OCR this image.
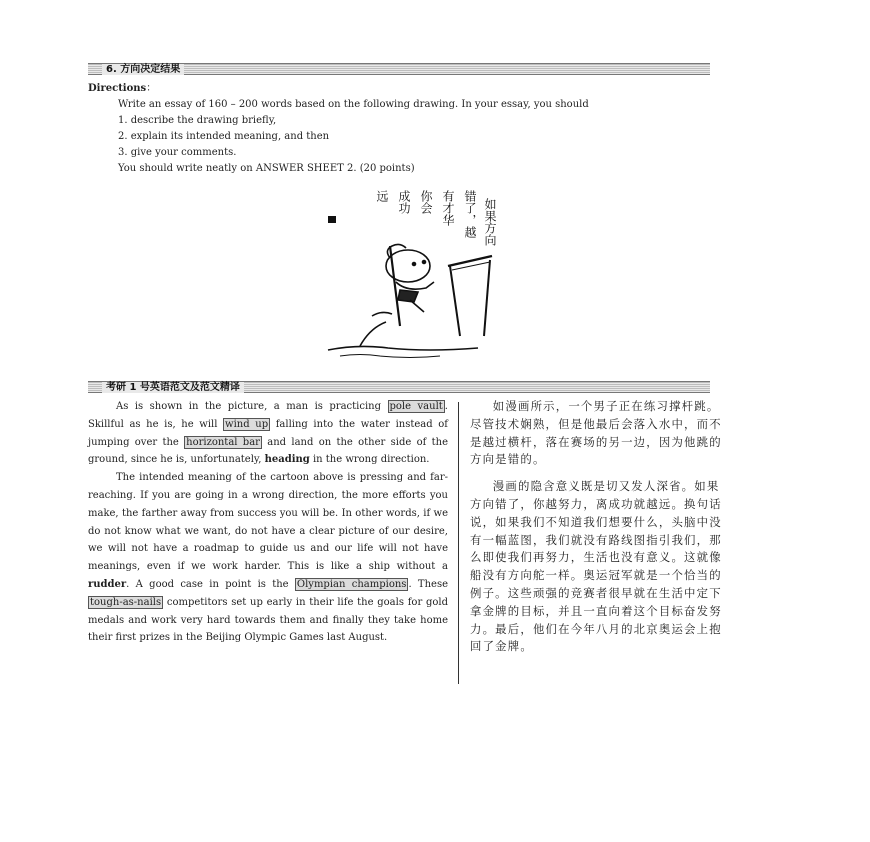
6. 方向决定结果
Directions：
Write an essay of 160 – 200 words based on the following drawing. In your essay, you should
1. describe the drawing briefly,
2. explain its intended meaning, and then
3. give your comments.
You should write neatly on ANSWER SHEET 2. (20 points)
如果方向
错了，越
有才华
你会
成功
远
考研 1 号英语范文及范文精译

As is shown in the picture, a man is practicing pole vault . Skillful as he is, he will wind up falling into the water instead of jumping over the horizontal bar and land on the other side of the ground, since he is, unfortunately, heading in the wrong direction.

The intended meaning of the cartoon above is pressing and far-reaching. If you are going in a wrong direction, the more efforts you make, the farther away from success you will be. In other words, if we do not know what we want, do not have a clear picture of our desire, we will not have a roadmap to guide us and our life will not have meanings, even if we work harder. This is like a ship without a rudder. A good case in point is the Olympian champions . These tough-as-nails competitors set up early in their life the goals for gold medals and work very hard towards them and finally they take home their first prizes in the Beijing Olympic Games last August.

如漫画所示，一个男子正在练习撑杆跳。尽管技术娴熟，但是他最后会落入水中，而不是越过横杆，落在赛场的另一边，因为他跳的方向是错的。

漫画的隐含意义既是切又发人深省。如果方向错了，你越努力，离成功就越远。换句话说，如果我们不知道我们想要什么，头脑中没有一幅蓝图，我们就没有路线图指引我们，那么即使我们再努力，生活也没有意义。这就像船没有方向舵一样。奥运冠军就是一个恰当的例子。这些顽强的竞赛者很早就在生活中定下拿金牌的目标，并且一直向着这个目标奋发努力。最后，他们在今年八月的北京奥运会上抱回了金牌。
